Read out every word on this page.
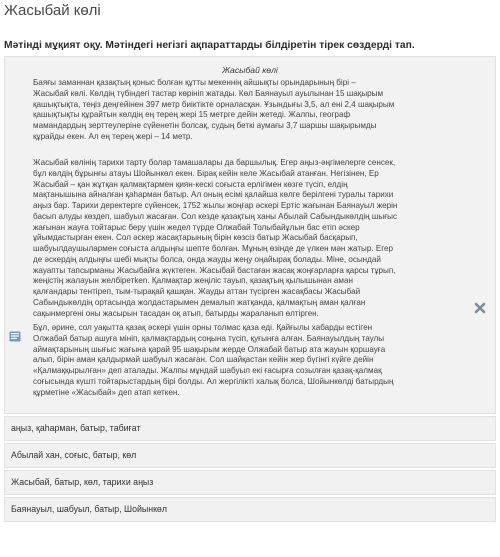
Жасыбай көлі
Мәтінді мұқият оқу. Мәтіндегі негізгі ақпараттарды білдіретін тірек сөздерді тап.
Жасыбай көлі
Баяғы заманнан қазақтың қоныс болған құтты мекеннің айшықты орындарының бірі –
Жасыбай көлі. Көлдің түбіндегі тастар көрініп жатады. Көл Баянауыл ауылынан 15 шақырым
қашықтықта, теңіз деңгейінен 397 метр биіктікте орналасқан. Ұзындығы 3,5, ал ені 2,4 шақырым
қашықтықты құрайтын көлдің ең терең жері 15 метрге дейін жетеді. Жалпы, географ
мамандардың зерттеулеріне сүйенетін болсақ, судың беткі аумағы 3,7 шаршы шақырымды
құрайды екен. Ал ең терең жері – 14 метр.
Жасыбай көлінің тарихи тарту болар тамашалары да баршылық. Егер аңыз-әңгімелерге сенсек,
бұл көлдің бұрынғы атауы Шойынкөл екен. Бірақ кейін келе Жасыбай атанған. Негізінен, Ер
Жасыбай – қан жұтқан қалмақтармен қиян-кескі соғыста ерлігімен көзге түсіп, елдің
мақтанышына айналған қаһарман батыр. Ал оның есімі қалайша көлге берілгені туралы тарихи
аңыз бар. Тарихи деректерге сүйенсек, 1752 жылы жоңғар әскері Ертіс жағынан Баянауыл жерін
басып алуды көздеп, шабуыл жасаған. Сол кезде қазақтың ханы Абылай Сабындыкөлдің шығыс
жағынан жауға тойтарыс беру үшін жедел түрде Олжабай Толыбайұлын бас етіп әскер
ұйымдастырған екен. Сол әскер жасақтарының бірін көзсіз батыр Жасыбай басқарып,
шабуылдаушылармен соғыста алдыңғы шепте болған. Мұның өзінде де үлкен мән жатыр. Егер
де әскердің алдыңғы шебі мықты болса, онда жауды жеңу оңайырақ болады. Міне, осындай
жауапты тапсырманы Жасыбайға жүктеген. Жасыбай бастаған жасақ жоңғарларға қарсы тұрып,
жеңістің жалауын желбіретken. Қалмақтар жеңіліс тауып, қазақтың қылышынан аман
қалғандары тентіреп, тым-тырақай қашқан. Жауды аттан түсірген жасақбасы Жасыбай
Сабындыкөлдің ортасында жолдастарымен демалып жатқанда, қалмақтың аман қалған
сақынмергені оны жасырын тасадан оқ атып, батырды жараланып өлтірген.
Бұл, әрине, сол уақытта қазақ әскері үшін орны толмас қаза еді. Қайғылы хабарды естіген
Олжабай батыр ашуға мініп, қалмақтардың соңына түсіп, қуғынға алған. Баянауылдың таулы
аймақтарының шығыс жағына қарай 95 шақырым жерде Олжабай батыр ата жауын қоршауға
алып, бірін аман қалдырмай шабуыл жасаған. Сол шайқастан кейін жер бүгінгі күйге дейін
«Қалмаққырылған» деп аталады. Жалпы мұндай шабуыл екі ғасырға созылған қазақ-қалмақ
соғысында күшті тойтарыстардың бірі болды. Ал жергілікті халық болса, Шойынкөлді батырдың
құрметіне «Жасыбай» деп атап кеткен.
аңыз, қаһарман, батыр, табиғат
Абылай хан, соғыс, батыр, көл
Жасыбай, батыр, көл, тарихи аңыз
Баянауыл, шабуыл, батыр, Шойынкөл
